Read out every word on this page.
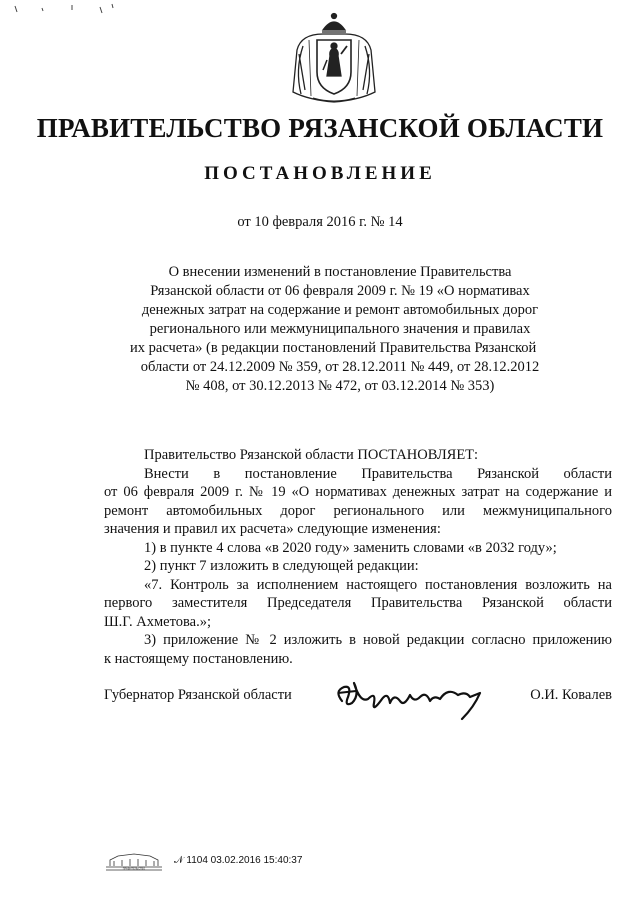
ПРАВИТЕЛЬСТВО РЯЗАНСКОЙ ОБЛАСТИ
ПОСТАНОВЛЕНИЕ
от 10 февраля 2016 г. № 14
О внесении изменений в постановление Правительства
Рязанской области от 06 февраля 2009 г. № 19 «О нормативах
денежных затрат на содержание и ремонт автомобильных дорог
регионального или межмуниципального значения и правилах
их расчета» (в редакции постановлений Правительства Рязанской
области от 24.12.2009 № 359, от 28.12.2011 № 449, от 28.12.2012
№ 408, от 30.12.2013 № 472, от 03.12.2014 № 353)
Правительство Рязанской области ПОСТАНОВЛЯЕТ:
Внести в постановление Правительства Рязанской области
от 06 февраля 2009 г. № 19 «О нормативах денежных затрат на содержание и
ремонт автомобильных дорог регионального или межмуниципального
значения и правил их расчета» следующие изменения:
1) в пункте 4 слова «в 2020 году» заменить словами «в 2032 году»;
2) пункт 7 изложить в следующей редакции:
«7. Контроль за исполнением настоящего постановления возложить на
первого заместителя Председателя Правительства Рязанской области
Ш.Г. Ахметова.»;
3) приложение № 2 изложить в новой редакции согласно приложению
к настоящему постановлению.
Губернатор Рязанской области	О.И. Ковалев
ПРАВИТЕЛЬСТВО
𝒩 1104 03.02.2016 15:40:37
